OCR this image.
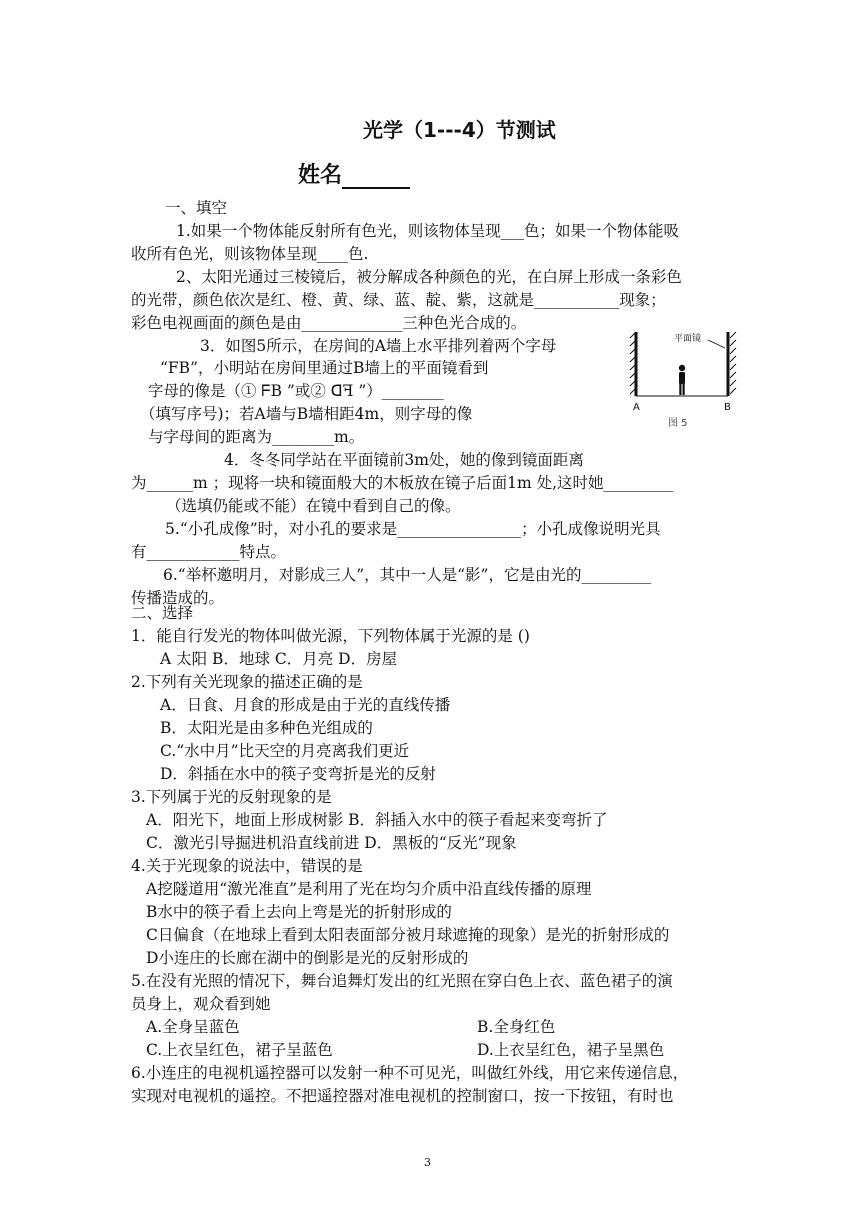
光学（1---4）节测试
姓名
一、填空
1.如果一个物体能反射所有色光，则该物体呈现___色；如果一个物体能吸
收所有色光，则该物体呈现____色.
2、太阳光通过三棱镜后，被分解成各种颜色的光，在白屏上形成一条彩色
的光带，颜色依次是红、橙、黄、绿、蓝、靛、紫，这就是___________现象；
彩色电视画面的颜色是由_____________三种色光合成的。
3．如图5所示，在房间的A墙上水平排列着两个字母
“FB”，小明站在房间里通过B墙上的平面镜看到
字母的像是（① ᖴB ”或② ꓷꟻ ”）________
（填写序号)；若A墙与B墙相距4m，则字母的像
与字母间的距离为________m。
4．冬冬同学站在平面镜前3m处，她的像到镜面距离
为______m ；现将一块和镜面般大的木板放在镜子后面1m 处,这时她_________
（选填仍能或不能）在镜中看到自己的像。
5.“小孔成像”时，对小孔的要求是________________；小孔成像说明光具
有____________特点。
6.“举杯邀明月，对影成三人”，其中一人是“影”，它是由光的_________
传播造成的。
平面镜
A	B
图 5
二、选择
1．能自行发光的物体叫做光源，下列物体属于光源的是 ()
A 太阳 B．地球 C．月亮 D．房屋
2.下列有关光现象的描述正确的是
A．日食、月食的形成是由于光的直线传播
B．太阳光是由多种色光组成的
C.“水中月”比天空的月亮离我们更近
D．斜插在水中的筷子变弯折是光的反射
3.下列属于光的反射现象的是
A．阳光下，地面上形成树影 B．斜插入水中的筷子看起来变弯折了
C．激光引导掘进机沿直线前进 D．黑板的“反光”现象
4.关于光现象的说法中，错误的是
A挖隧道用“激光准直”是利用了光在均匀介质中沿直线传播的原理
B水中的筷子看上去向上弯是光的折射形成的
C日偏食（在地球上看到太阳表面部分被月球遮掩的现象）是光的折射形成的
D小连庄的长廊在湖中的倒影是光的反射形成的
5.在没有光照的情况下，舞台追舞灯发出的红光照在穿白色上衣、蓝色裙子的演
员身上，观众看到她
A.全身呈蓝色	B.全身红色
C.上衣呈红色，裙子呈蓝色	D.上衣呈红色，裙子呈黑色
6.小连庄的电视机遥控器可以发射一种不可见光，叫做红外线，用它来传递信息，
实现对电视机的遥控。不把遥控器对准电视机的控制窗口，按一下按钮，有时也
3
